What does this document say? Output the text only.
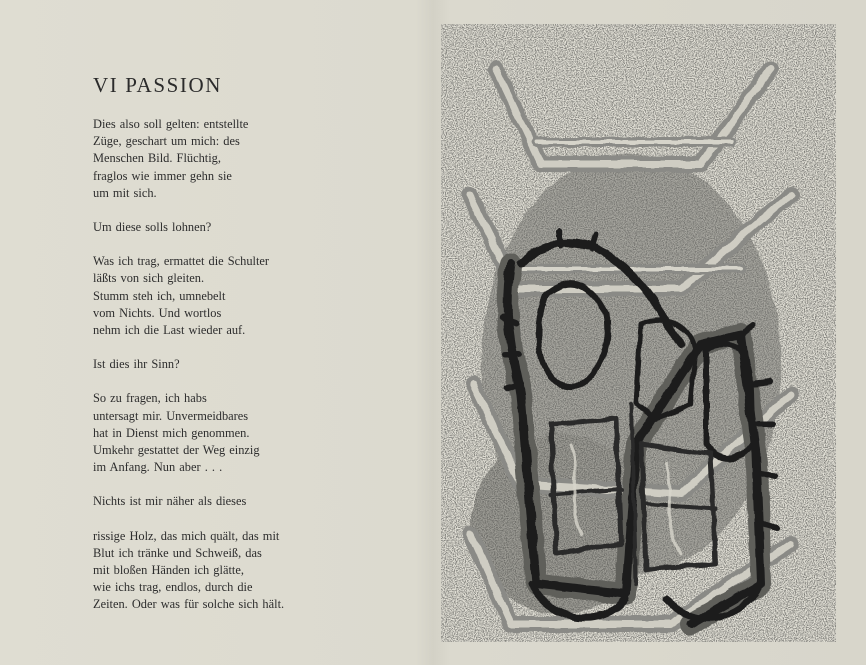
VI PASSION
Dies also soll gelten: entstellte
Züge, geschart um mich: des
Menschen Bild. Flüchtig,
fraglos wie immer gehn sie
um mit sich.
Um diese solls lohnen?
Was ich trag, ermattet die Schulter
läßts von sich gleiten.
Stumm steh ich, umnebelt
vom Nichts. Und wortlos
nehm ich die Last wieder auf.
Ist dies ihr Sinn?
So zu fragen, ich habs
untersagt mir. Unvermeidbares
hat in Dienst mich genommen.
Umkehr gestattet der Weg einzig
im Anfang. Nun aber . . .
Nichts ist mir näher als dieses
rissige Holz, das mich quält, das mit
Blut ich tränke und Schweiß, das
mit bloßen Händen ich glätte,
wie ichs trag, endlos, durch die
Zeiten. Oder was für solche sich hält.
